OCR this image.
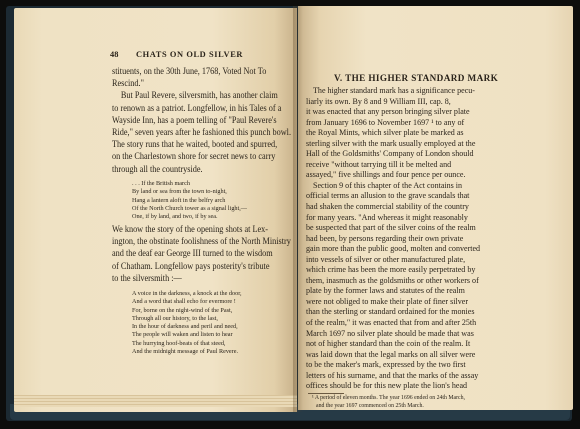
48 CHATS ON OLD SILVER
stituents, on the 30th June, 1768, Voted Not To
Rescind."
But Paul Revere, silversmith, has another claim
to renown as a patriot. Longfellow, in his Tales of a
Wayside Inn, has a poem telling of "Paul Revere's
Ride," seven years after he fashioned this punch bowl.
The story runs that he waited, booted and spurred,
on the Charlestown shore for secret news to carry
through all the countryside.
. . . If the British march
By land or sea from the town to-night,
Hang a lantern aloft in the belfry arch
Of the North Church tower as a signal light,—
One, if by land, and two, if by sea.
We know the story of the opening shots at Lex-
ington, the obstinate foolishness of the North Ministry
and the deaf ear George III turned to the wisdom
of Chatham. Longfellow pays posterity's tribute
to the silversmith :—
A voice in the darkness, a knock at the door,
And a word that shall echo for evermore !
For, borne on the night-wind of the Past,
Through all our history, to the last,
In the hour of darkness and peril and need,
The people will waken and listen to hear
The hurrying hoof-beats of that steed,
And the midnight message of Paul Revere.
V. THE HIGHER STANDARD MARK
The higher standard mark has a significance pecu-
liarly its own. By 8 and 9 William III, cap. 8,
it was enacted that any person bringing silver plate
from January 1696 to November 1697 ¹ to any of
the Royal Mints, which silver plate be marked as
sterling silver with the mark usually employed at the
Hall of the Goldsmiths' Company of London should
receive "without tarrying till it be melted and
assayed," five shillings and four pence per ounce.
Section 9 of this chapter of the Act contains in
official terms an allusion to the grave scandals that
had shaken the commercial stability of the country
for many years. "And whereas it might reasonably
be suspected that part of the silver coins of the realm
had been, by persons regarding their own private
gain more than the public good, molten and converted
into vessels of silver or other manufactured plate,
which crime has been the more easily perpetrated by
them, inasmuch as the goldsmiths or other workers of
plate by the former laws and statutes of the realm
were not obliged to make their plate of finer silver
than the sterling or standard ordained for the monies
of the realm," it was enacted that from and after 25th
March 1697 no silver plate should be made that was
not of higher standard than the coin of the realm. It
was laid down that the legal marks on all silver were
to be the maker's mark, expressed by the two first
letters of his surname, and that the marks of the assay
offices should be for this new plate the lion's head
¹ A period of eleven months. The year 1696 ended on 24th March,
and the year 1697 commenced on 25th March.
